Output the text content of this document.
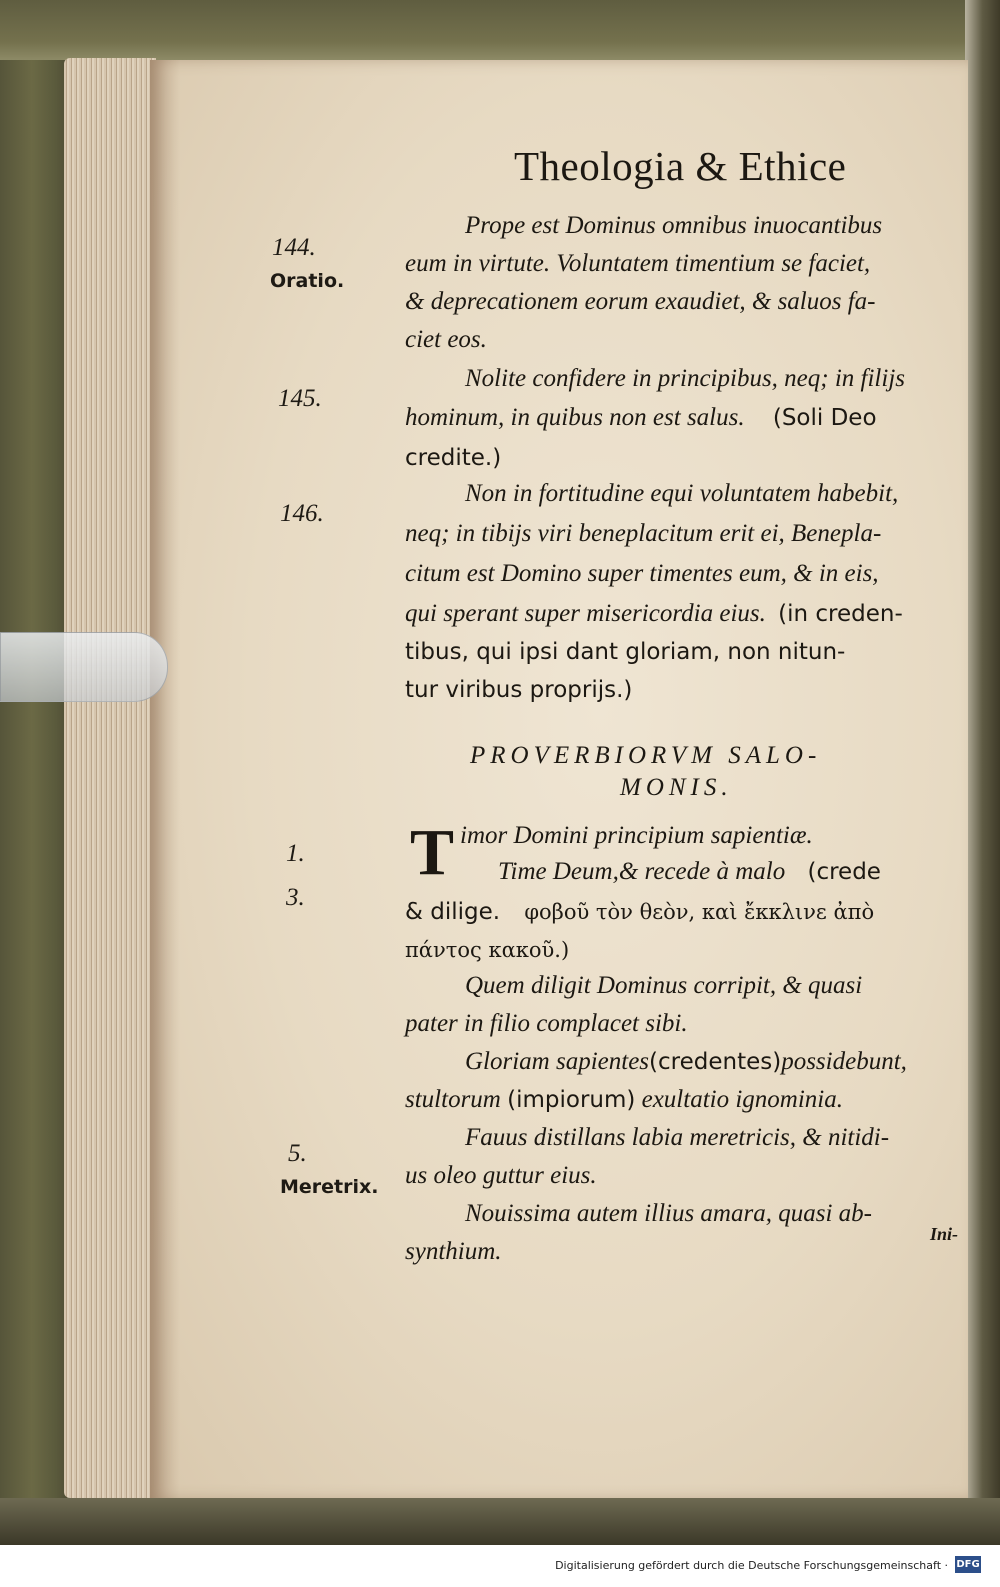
Theologia & Ethice
144.
Oratio.
145.
146.
1.
3.
5.
Meretrix.
Prope est Dominus omnibus inuocantibus
eum in virtute. Voluntatem timentium se faciet,
& deprecationem eorum exaudiet, & saluos fa-
ciet eos.
Nolite confidere in principibus, neq; in filijs
hominum, in quibus non est salus. (Soli Deo
credite.)
Non in fortitudine equi voluntatem habebit,
neq; in tibijs viri beneplacitum erit ei, Benepla-
citum est Domino super timentes eum, & in eis,
qui sperant super misericordia eius. (in creden-
tibus, qui ipsi dant gloriam, non nitun-
tur viribus proprijs.)
PROVERBIORVM SALO-
MONIS.
T imor Domini principium sapientiæ.
Time Deum,& recede à malo (crede
& dilige. φοβοῦ τὸν θεὸν, καὶ ἔκκλινε ἀπὸ
πάντος κακοῦ.)
Quem diligit Dominus corripit, & quasi
pater in filio complacet sibi.
Gloriam sapientes(credentes)possidebunt,
stultorum (impiorum) exultatio ignominia.
Fauus distillans labia meretricis, & nitidi-
us oleo guttur eius.
Nouissima autem illius amara, quasi ab-
synthium.
Ini-
Digitalisierung gefördert durch die Deutsche Forschungsgemeinschaft · DFG
